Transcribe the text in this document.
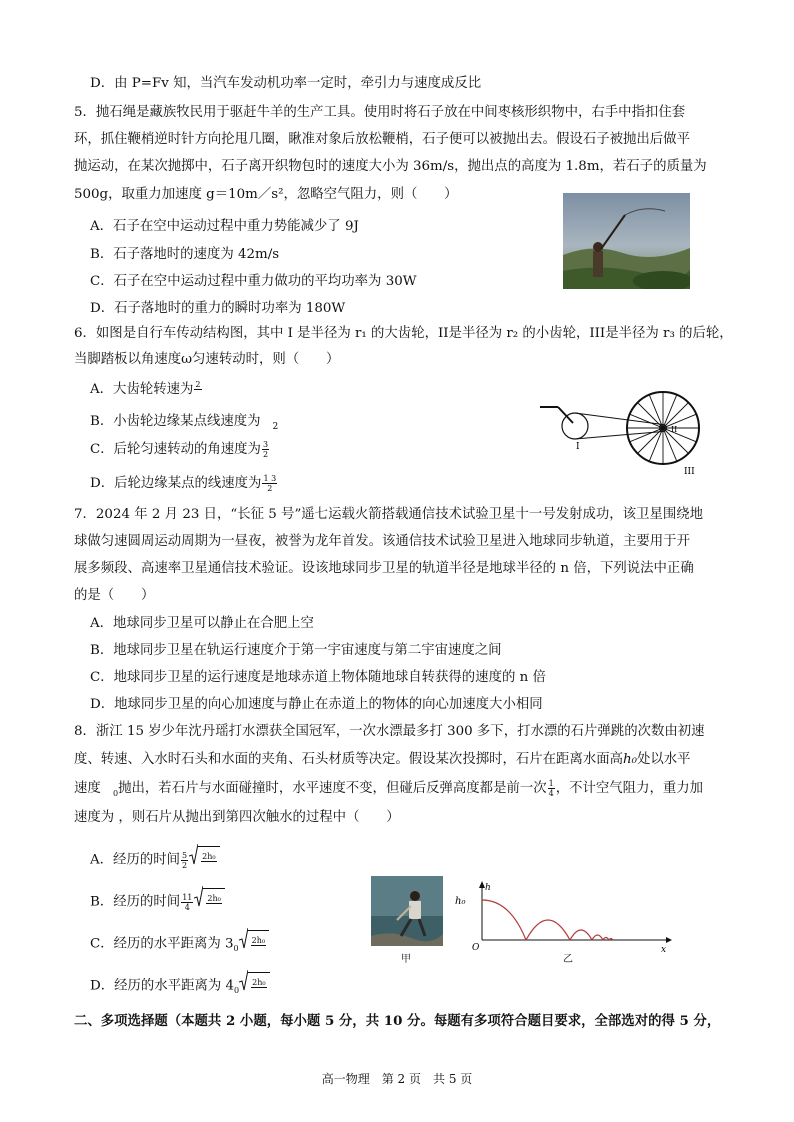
D．由 P=Fv 知，当汽车发动机功率一定时，牵引力与速度成反比
5．抛石绳是藏族牧民用于驱赶牛羊的生产工具。使用时将石子放在中间枣核形织物中，右手中指扣住套
环，抓住鞭梢逆时针方向抡甩几圈，瞅准对象后放松鞭梢，石子便可以被抛出去。假设石子被抛出后做平
抛运动，在某次抛掷中，石子离开织物包时的速度大小为 36m/s，抛出点的高度为 1.8m，若石子的质量为
500g，取重力加速度 g＝10m／s²，忽略空气阻力，则（　　）
A．石子在空中运动过程中重力势能减少了 9J
B．石子落地时的速度为 42m/s
C．石子在空中运动过程中重力做功的平均功率为 30W
D．石子落地时的重力的瞬时功率为 180W
6．如图是自行车传动结构图，其中 I 是半径为 r₁ 的大齿轮，II是半径为 r₂ 的小齿轮，III是半径为 r₃ 的后轮，
当脚踏板以角速度ω匀速转动时，则（　　）
A．大齿轮转速为 2

B．小齿轮边缘某点线速度为 $_2$
C．后轮匀速转动的角速度为 $\frac{3}{2}$
D．后轮边缘某点的线速度为 $\frac{1 3}{2}$
I
II
III
7．2024 年 2 月 23 日，“长征 5 号”遥七运载火箭搭载通信技术试验卫星十一号发射成功，该卫星围绕地
球做匀速圆周运动周期为一昼夜，被誉为龙年首发。该通信技术试验卫星进入地球同步轨道，主要用于开
展多频段、高速率卫星通信技术验证。设该地球同步卫星的轨道半径是地球半径的 n 倍，下列说法中正确
的是（　　）
A．地球同步卫星可以静止在合肥上空
B．地球同步卫星在轨运行速度介于第一宇宙速度与第二宇宙速度之间
C．地球同步卫星的运行速度是地球赤道上物体随地球自转获得的速度的 n 倍
D．地球同步卫星的向心加速度与静止在赤道上的物体的向心加速度大小相同
8．浙江 15 岁少年沈丹瑶打水漂获全国冠军，一次水漂最多打 300 多下，打水漂的石片弹跳的次数由初速
度、转速、入水时石头和水面的夹角、石头材质等决定。假设某次投掷时，石片在距离水面高h₀处以水平
速度 $_0$抛出，若石片与水面碰撞时，水平速度不变，但碰后反弹高度都是前一次 $\frac{1}{4}$ ，不计空气阻力，重力加
速度为 ，则石片从抛出到第四次触水的过程中（　　）
A．经历的时间 $\frac{5}{2} 2h_0$

B．经历的时间 $\frac{11}{4} 2h_0$

C．经历的水平距离为 $3_0$
2h₀

D．经历的水平距离为 $4_0$
2h₀

甲
h
h₀
O	x
乙
二、多项选择题（本题共 2 小题，每小题 5 分，共 10 分。每题有多项符合题目要求，全部选对的得 5 分，
高一物理　第 2 页　共 5 页
